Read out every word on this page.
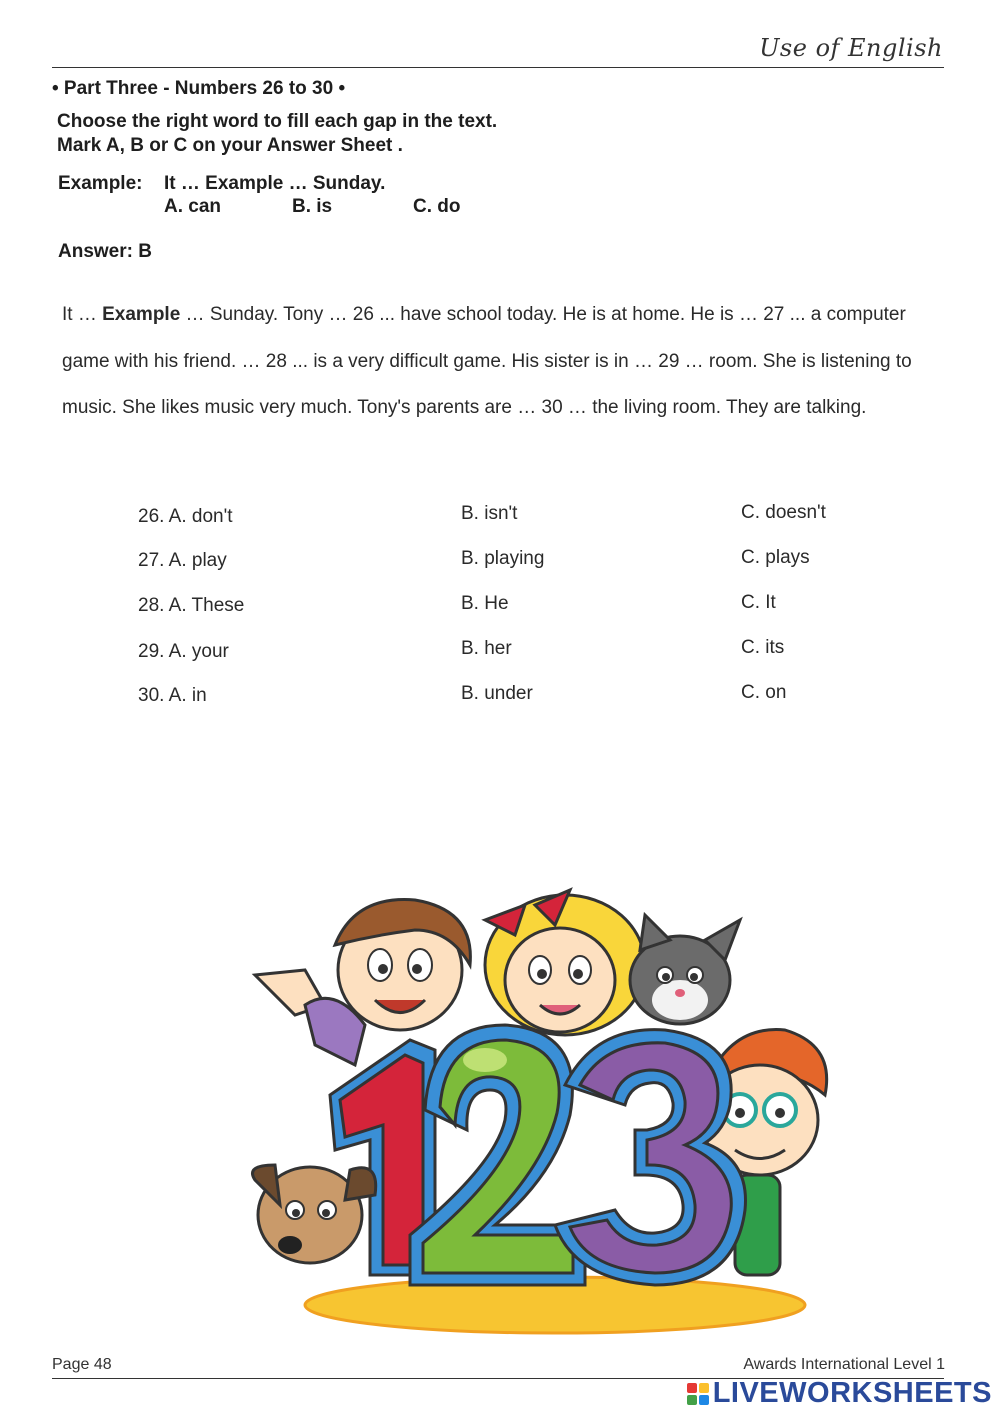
Use of English
• Part Three - Numbers 26 to 30 •
Choose the right word to fill each gap in the text.
Mark A, B or C on your Answer Sheet .
Example: It … Example … Sunday.
A. can	B. is	C. do
Answer: B

It … Example … Sunday. Tony … 26 ... have school today. He is at home. He is … 27 ... a computer

game with his friend. … 28 ... is a very difficult game. His sister is in … 29 … room. She is listening to

music. She likes music very much. Tony's parents are … 30 … the living room. They are talking.

26. A. don't	B. isn't	C. doesn't
27. A. play	B. playing	C. plays
28. A. These	B. He	C. It
29. A. your	B. her	C. its
30. A. in	B. under	C. on
Page 48	Awards International Level 1
LIVEWORKSHEETS
